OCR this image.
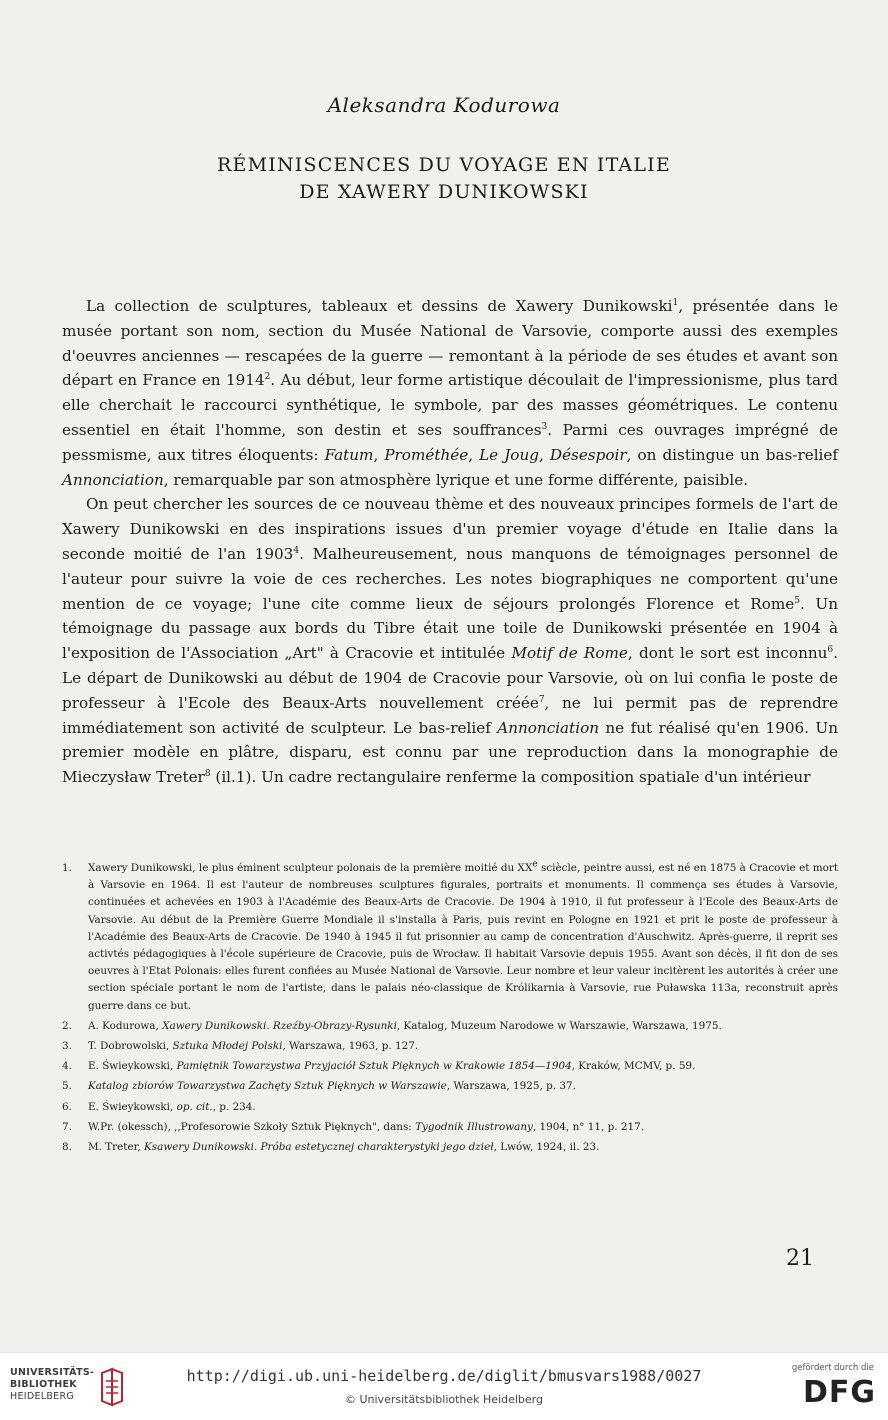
Aleksandra Kodurowa
RÉMINISCENCES DU VOYAGE EN ITALIE
DE XAWERY DUNIKOWSKI

La collection de sculptures, tableaux et dessins de Xawery Dunikowski$^1$, présentée dans le musée portant son nom, section du Musée National de Varsovie, comporte aussi des exemples d'oeuvres anciennes — rescapées de la guerre — remontant à la période de ses études et avant son départ en France en 1914$^2$. Au début, leur forme artistique découlait de l'impressionisme, plus tard elle cherchait le raccourci synthétique, le symbole, par des masses géométriques. Le contenu essentiel en était l'homme, son destin et ses souffrances$^3$. Parmi ces ouvrages imprégné de pessmisme, aux titres éloquents: Fatum, Prométhée, Le Joug, Désespoir, on distingue un bas-relief Annonciation, remarquable par son atmosphère lyrique et une forme différente, paisible.

On peut chercher les sources de ce nouveau thème et des nouveaux principes formels de l'art de Xawery Dunikowski en des inspirations issues d'un premier voyage d'étude en Italie dans la seconde moitié de l'an 1903$^4$. Malheureusement, nous manquons de témoignages personnel de l'auteur pour suivre la voie de ces recherches. Les notes biographiques ne comportent qu'une mention de ce voyage; l'une cite comme lieux de séjours prolongés Florence et Rome$^5$. Un témoignage du passage aux bords du Tibre était une toile de Dunikowski présentée en 1904 à l'exposition de l'Association „Art" à Cracovie et intitulée Motif de Rome, dont le sort est inconnu$^6$. Le départ de Dunikowski au début de 1904 de Cracovie pour Varsovie, où on lui confia le poste de professeur à l'Ecole des Beaux-Arts nouvellement créée$^7$, ne lui permit pas de reprendre immédiatement son activité de sculpteur. Le bas-relief Annonciation ne fut réalisé qu'en 1906. Un premier modèle en plâtre, disparu, est connu par une reproduction dans la monographie de Mieczysław Treter$^8$ (il.1). Un cadre rectangulaire renferme la composition spatiale d'un intérieur

1. Xawery Dunikowski, le plus éminent sculpteur polonais de la première moitié du XXe sciècle, peintre aussi, est né en 1875 à Cracovie et mort à Varsovie en 1964. Il est l'auteur de nombreuses sculptures figurales, portraits et monuments. Il commença ses études à Varsovie, continuées et achevées en 1903 à l'Académie des Beaux-Arts de Cracovie. De 1904 à 1910, il fut professeur à l'Ecole des Beaux-Arts de Varsovie. Au début de la Première Guerre Mondiale il s'installa à Paris, puis revint en Pologne en 1921 et prit le poste de professeur à l'Académie des Beaux-Arts de Cracovie. De 1940 à 1945 il fut prisonnier au camp de concentration d'Auschwitz. Après-guerre, il reprit ses activtés pédagogiques à l'école supérieure de Cracovie, puis de Wrocław. Il habitait Varsovie depuis 1955. Avant son décès, il fit don de ses oeuvres à l'Etat Polonais: elles furent confiées au Musée National de Varsovie. Leur nombre et leur valeur incitèrent les autorités à créer une section spéciale portant le nom de l'artiste, dans le palais néo-classique de Królikarnia à Varsovie, rue Puławska 113a, reconstruit après guerre dans ce but.
2. A. Kodurowa, Xawery Dunikowski. Rzeźby-Obrazy-Rysunki, Katalog, Muzeum Narodowe w Warszawie, Warszawa, 1975.
3. T. Dobrowolski, Sztuka Młodej Polski, Warszawa, 1963, p. 127.
4. E. Świeykowski, Pamiętnik Towarzystwa Przyjaciół Sztuk Pięknych w Krakowie 1854—1904, Kraków, MCMV, p. 59.
5. Katalog zbiorów Towarzystwa Zachęty Sztuk Pięknych w Warszawie, Warszawa, 1925, p. 37.
6. E. Świeykowski, op. cit., p. 234.
7. W.Pr. (okessch), ,,Profesorowie Szkoły Sztuk Pięknych", dans: Tygodnik Illustrowany, 1904, n° 11, p. 217.
8. M. Treter, Ksawery Dunikowski. Próba estetycznej charakterystyki jego dzieł, Lwów, 1924, il. 23.
21
UNIVERSITÄTS-
BIBLIOTHEK
HEIDELBERG
http://digi.ub.uni-heidelberg.de/diglit/bmusvars1988/0027
© Universitätsbibliothek Heidelberg
gefördert durch die
DFG
